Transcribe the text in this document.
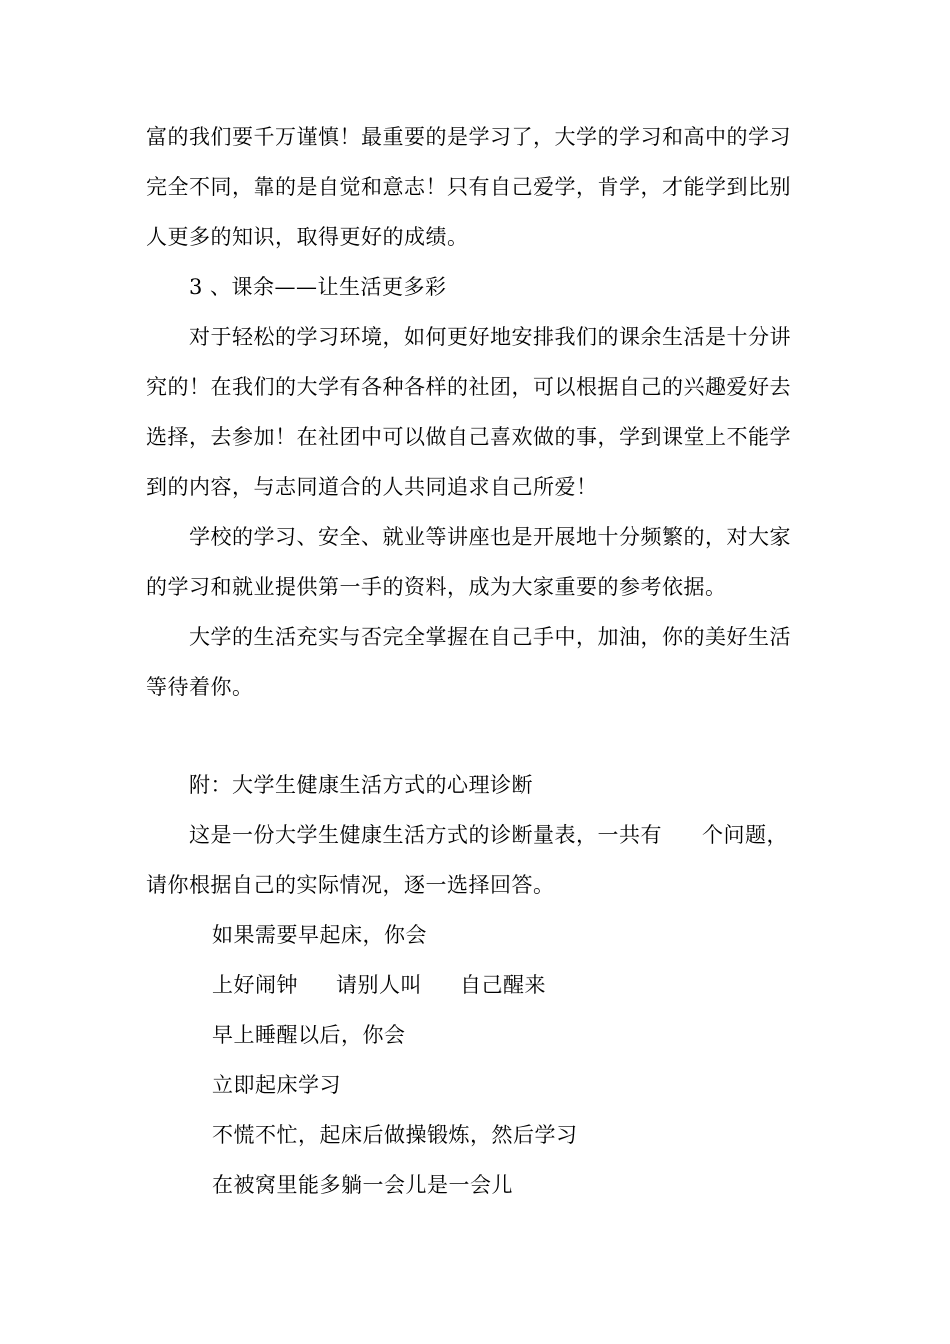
富的我们要千万谨慎！最重要的是学习了，大学的学习和高中的学习
完全不同，靠的是自觉和意志！只有自己爱学，肯学，才能学到比别
人更多的知识，取得更好的成绩。
3 、课余——让生活更多彩
对于轻松的学习环境，如何更好地安排我们的课余生活是十分讲
究的！在我们的大学有各种各样的社团，可以根据自己的兴趣爱好去
选择，去参加！在社团中可以做自己喜欢做的事，学到课堂上不能学
到的内容，与志同道合的人共同追求自己所爱！
学校的学习、安全、就业等讲座也是开展地十分频繁的，对大家
的学习和就业提供第一手的资料，成为大家重要的参考依据。
大学的生活充实与否完全掌握在自己手中，加油，你的美好生活
等待着你。
附：大学生健康生活方式的心理诊断
这是一份大学生健康生活方式的诊断量表，一共有 个问题，
请你根据自己的实际情况，逐一选择回答。
如果需要早起床，你会
上好闹钟 请别人叫 自己醒来
早上睡醒以后，你会
立即起床学习
不慌不忙，起床后做操锻炼，然后学习
在被窝里能多躺一会儿是一会儿
